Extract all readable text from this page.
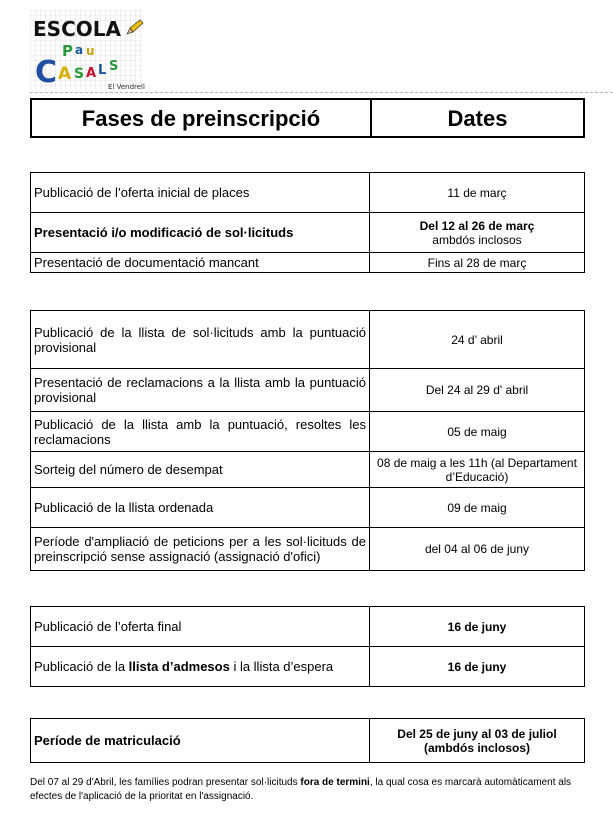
ESCOLA
P a u
C A S A L S
El Vendrell
Fases de preinscripció	Dates
Publicació de l’oferta inicial de places	11 de març
Presentació i/o modificació de sol·licituds	Del 12 al 26 de març
ambdós inclosos

Presentació de documentació mancant	Fins al 28 de març
Publicació de la llista de sol·licituds amb la puntuació provisional	24 d’ abril
Presentació de reclamacions a la llista amb la puntuació provisional	Del 24 al 29 d' abril
Publicació de la llista amb la puntuació, resoltes les reclamacions	05 de maig
Sorteig del número de desempat	08 de maig a les 11h (al Departament d’Educació)
Publicació de la llista ordenada	09 de maig
Període d'ampliació de peticions per a les sol·licituds de preinscripció sense assignació (assignació d'ofici)	del 04 al 06 de juny
Publicació de l’oferta final	16 de juny
Publicació de la llista d’admesos i la llista d’espera	16 de juny
Període de matriculació	Del 25 de juny al 03 de juliol
(ambdós inclosos)
Del 07 al 29 d'Abril, les famílies podran presentar sol·licituds fora de termini, la qual cosa es marcarà automàticament als efectes de l'aplicació de la prioritat en l'assignació.
